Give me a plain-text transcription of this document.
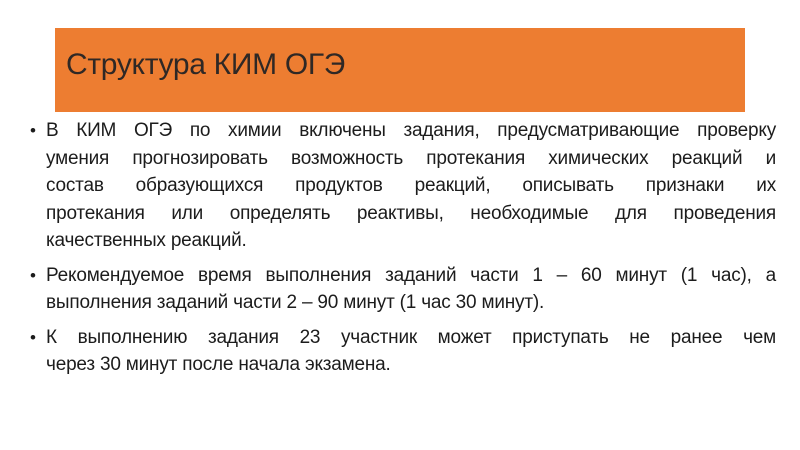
Структура КИМ ОГЭ
• В КИМ ОГЭ по химии включены задания, предусматривающие проверку
умения прогнозировать возможность протекания химических реакций и
состав образующихся продуктов реакций, описывать признаки их
протекания или определять реактивы, необходимые для проведения
качественных реакций.
• Рекомендуемое время выполнения заданий части 1 – 60 минут (1 час), а
выполнения заданий части 2 – 90 минут (1 час 30 минут).
• К выполнению задания 23 участник может приступать не ранее чем
через 30 минут после начала экзамена.
